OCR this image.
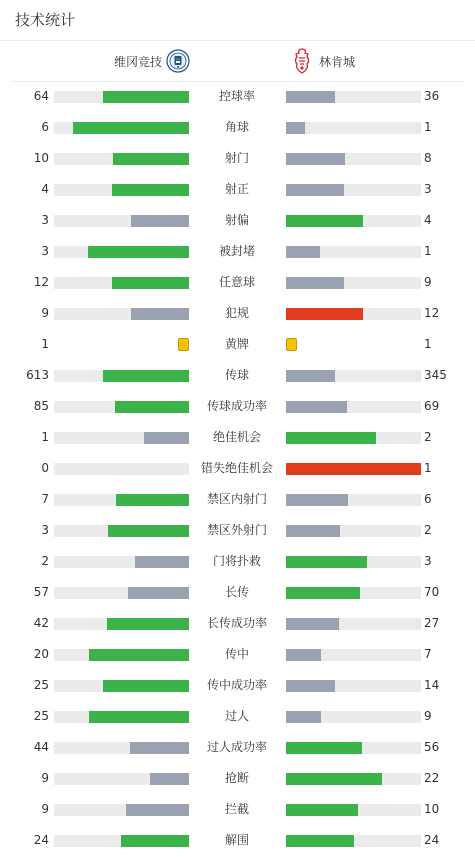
技术统计
维冈竞技	林肯城
64	控球率	36
6	角球	1
10	射门	8
4	射正	3
3	射偏	4
3	被封堵	1
12	任意球	9
9	犯规	12
1	黄牌	1
613	传球	345
85	传球成功率	69
1	绝佳机会	2
0	错失绝佳机会	1
7	禁区内射门	6
3	禁区外射门	2
2	门将扑救	3
57	长传	70
42	长传成功率	27
20	传中	7
25	传中成功率	14
25	过人	9
44	过人成功率	56
9	抢断	22
9	拦截	10
24	解围	24
